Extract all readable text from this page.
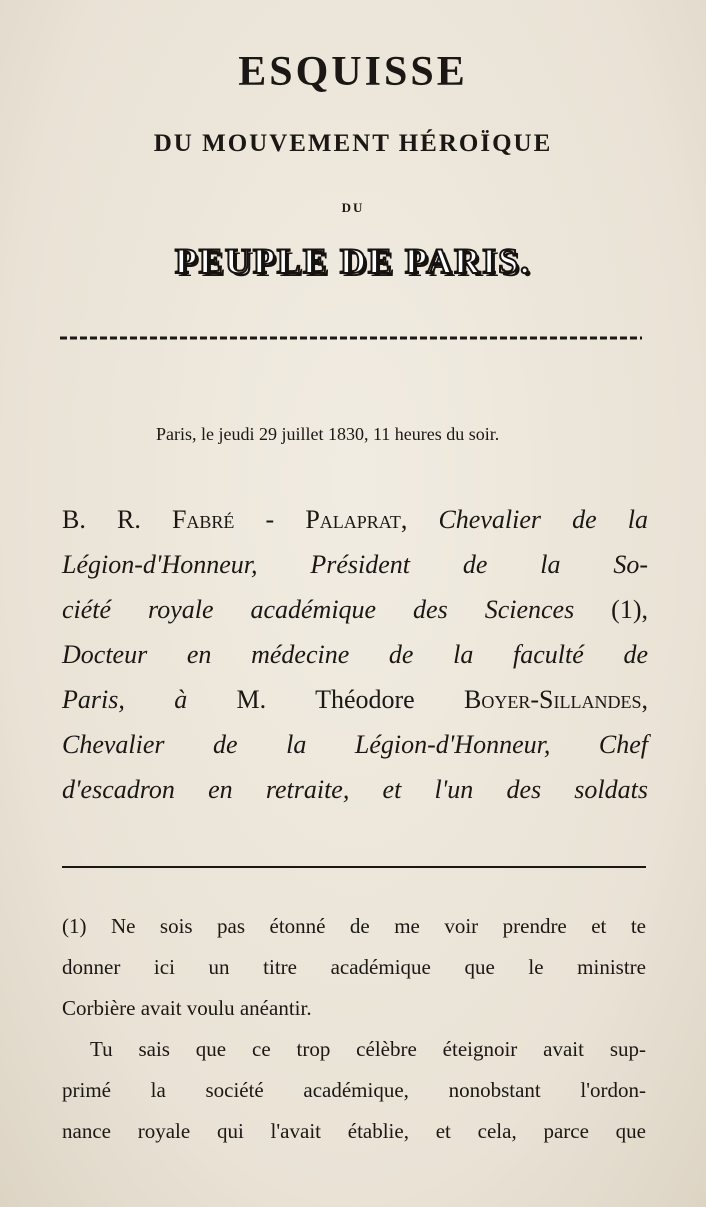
ESQUISSE
DU MOUVEMENT HÉROÏQUE
DU
PEUPLE DE PARIS.
Paris, le jeudi 29 juillet 1830, 11 heures du soir.
B. R. Fabré - Palaprat, Chevalier de la
Légion-d'Honneur, Président de la So-
ciété royale académique des Sciences (1),
Docteur en médecine de la faculté de
Paris, à M. Théodore Boyer-Sillandes,
Chevalier de la Légion-d'Honneur, Chef
d'escadron en retraite, et l'un des soldats
(1) Ne sois pas étonné de me voir prendre et te
donner ici un titre académique que le ministre
Corbière avait voulu anéantir.
Tu sais que ce trop célèbre éteignoir avait sup-
primé la société académique, nonobstant l'ordon-
nance royale qui l'avait établie, et cela, parce que
